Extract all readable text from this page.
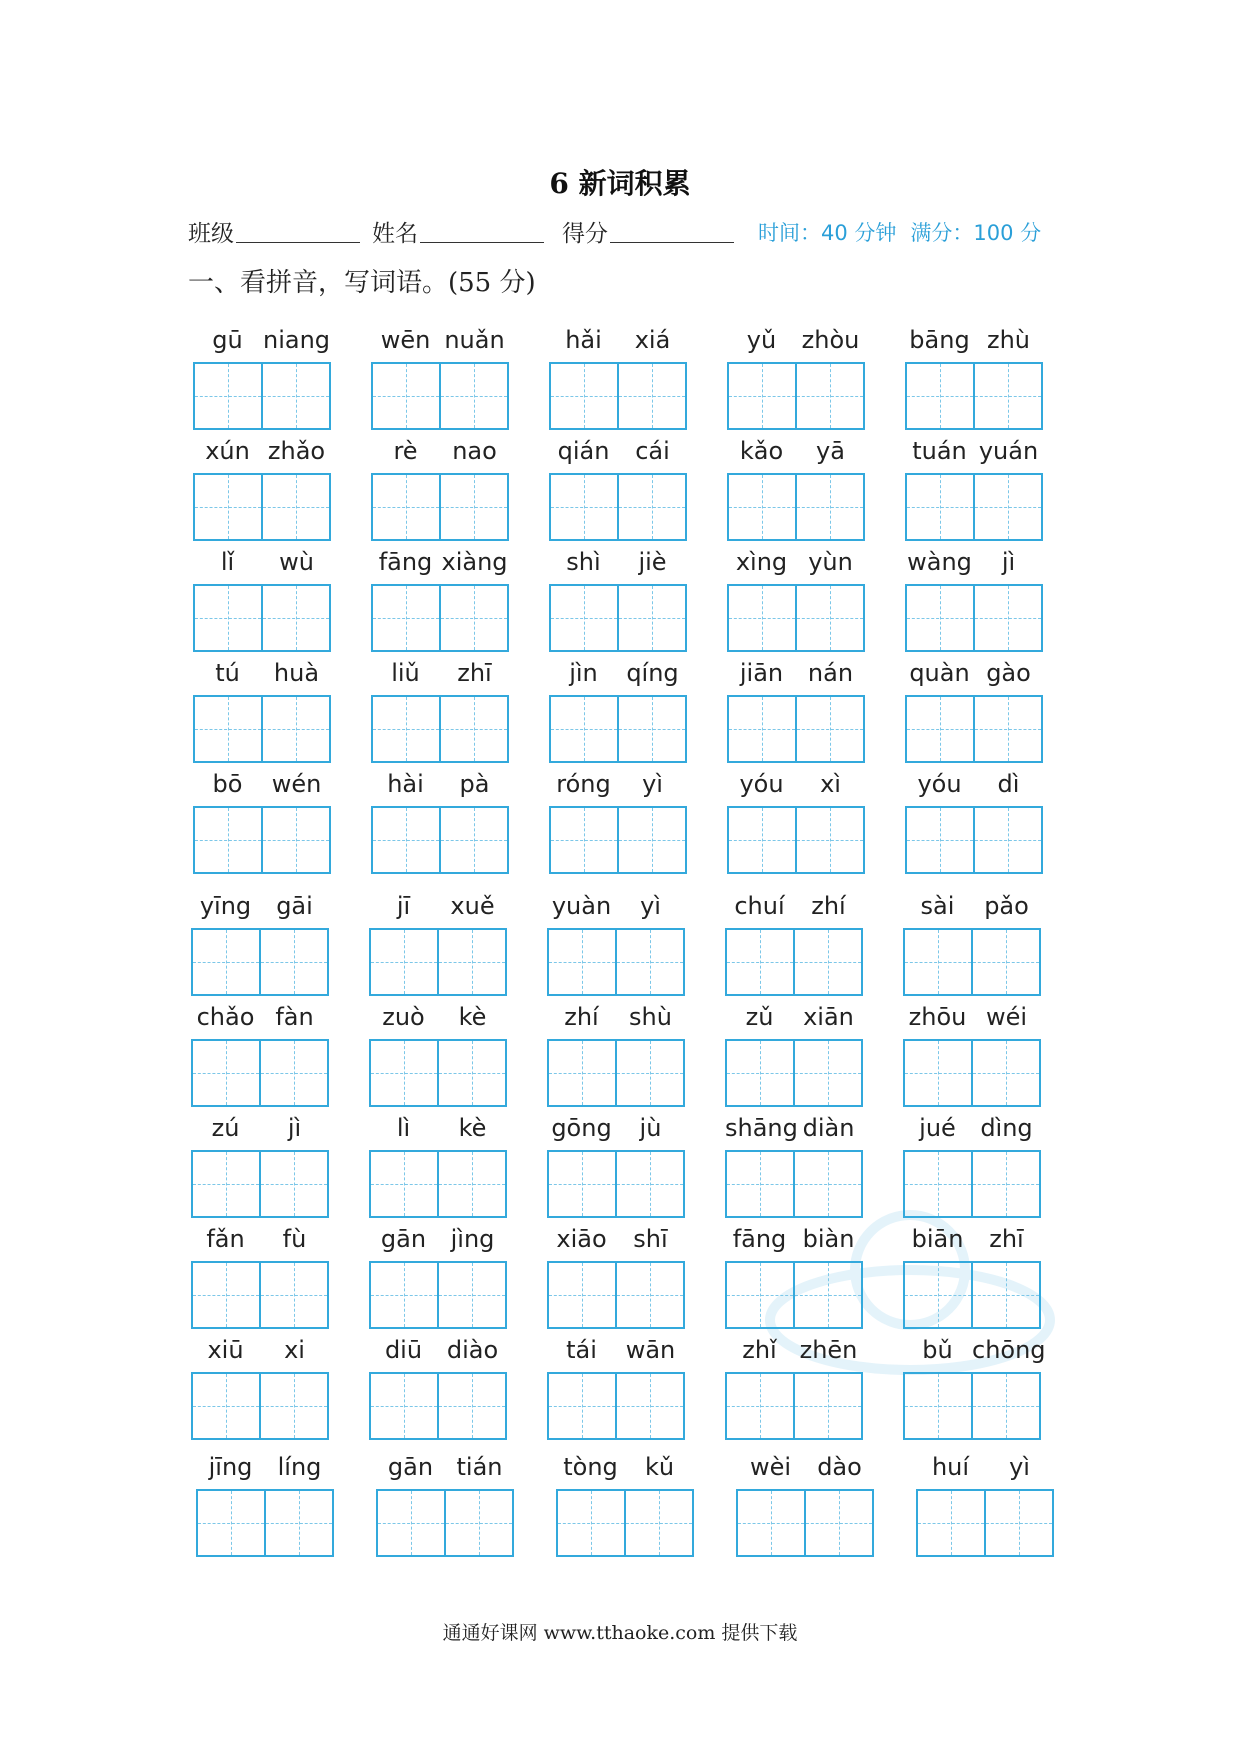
6 新词积累
班级	姓名	得分	时间：40 分钟 满分：100 分
一、看拼音，写词语。(55 分)
gū niang	wēn nuǎn	hǎi	xiá	yǔ	zhòu bāng zhù
xún zhǎo	rè	nao	qián	cái	kǎo	yā	tuán yuán
lǐ	wù	fāng xiàng	shì	jiè	xìng yùn	wàng	jì
tú	huà	liǔ	zhī	jìn	qíng	jiān	nán	quàn gào
bō	wén	hài	pà	róng	yì	yóu	xì	yóu	dì
yīng	gāi	jī	xuě	yuàn	yì	chuí	zhí	sài	pǎo
chǎo fàn	zuò	kè	zhí	shù	zǔ	xiān	zhōu wéi
zú	jì	lì	kè	gōng	jù	shāng diàn	jué	dìng
fǎn	fù	gān	jìng	xiāo	shī	fāng biàn	biān	zhī
xiū	xi	diū	diào	tái	wān	zhǐ zhēn	bǔ chōng
jīng	líng	gān tián	tòng	kǔ	wèi	dào	huí	yì
通通好课网 www.tthaoke.com 提供下载
